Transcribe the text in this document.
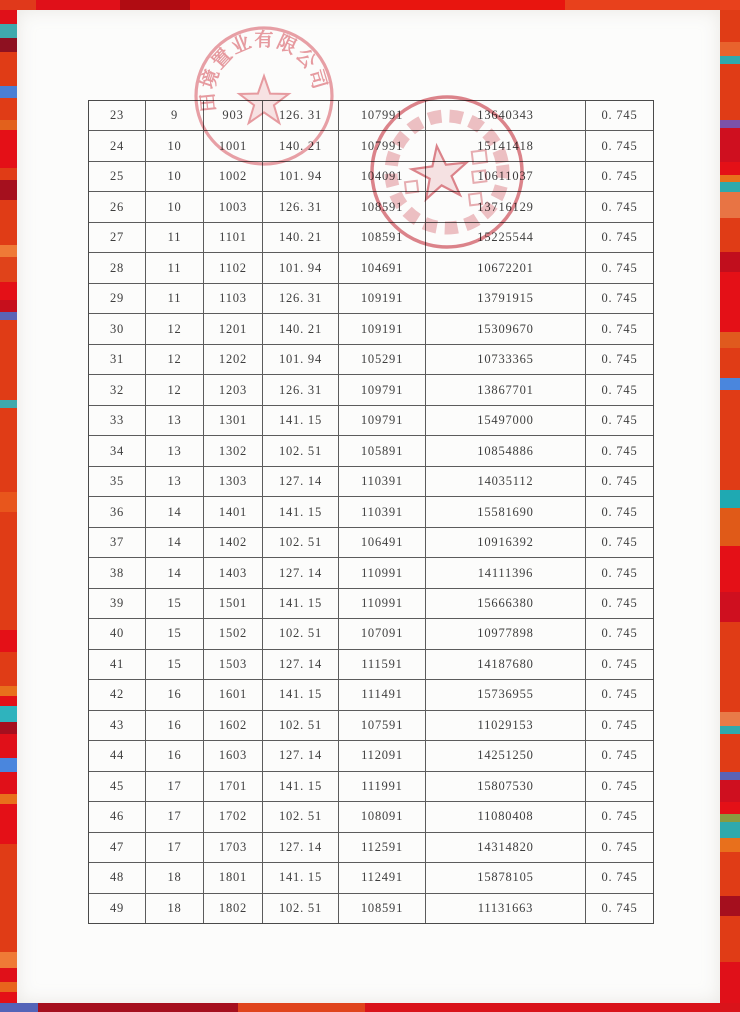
23	9	903	126. 31	107991	13640343	0. 745
24	10	1001	140. 21	107991	15141418	0. 745
25	10	1002	101. 94	104091	10611037	0. 745
26	10	1003	126. 31	108591	13716129	0. 745
27	11	1101	140. 21	108591	15225544	0. 745
28	11	1102	101. 94	104691	10672201	0. 745
29	11	1103	126. 31	109191	13791915	0. 745
30	12	1201	140. 21	109191	15309670	0. 745
31	12	1202	101. 94	105291	10733365	0. 745
32	12	1203	126. 31	109791	13867701	0. 745
33	13	1301	141. 15	109791	15497000	0. 745
34	13	1302	102. 51	105891	10854886	0. 745
35	13	1303	127. 14	110391	14035112	0. 745
36	14	1401	141. 15	110391	15581690	0. 745
37	14	1402	102. 51	106491	10916392	0. 745
38	14	1403	127. 14	110991	14111396	0. 745
39	15	1501	141. 15	110991	15666380	0. 745
40	15	1502	102. 51	107091	10977898	0. 745
41	15	1503	127. 14	111591	14187680	0. 745
42	16	1601	141. 15	111491	15736955	0. 745
43	16	1602	102. 51	107591	11029153	0. 745
44	16	1603	127. 14	112091	14251250	0. 745
45	17	1701	141. 15	111991	15807530	0. 745
46	17	1702	102. 51	108091	11080408	0. 745
47	17	1703	127. 14	112591	14314820	0. 745
48	18	1801	141. 15	112491	15878105	0. 745
49	18	1802	102. 51	108591	11131663	0. 745
田境置业有限公司
